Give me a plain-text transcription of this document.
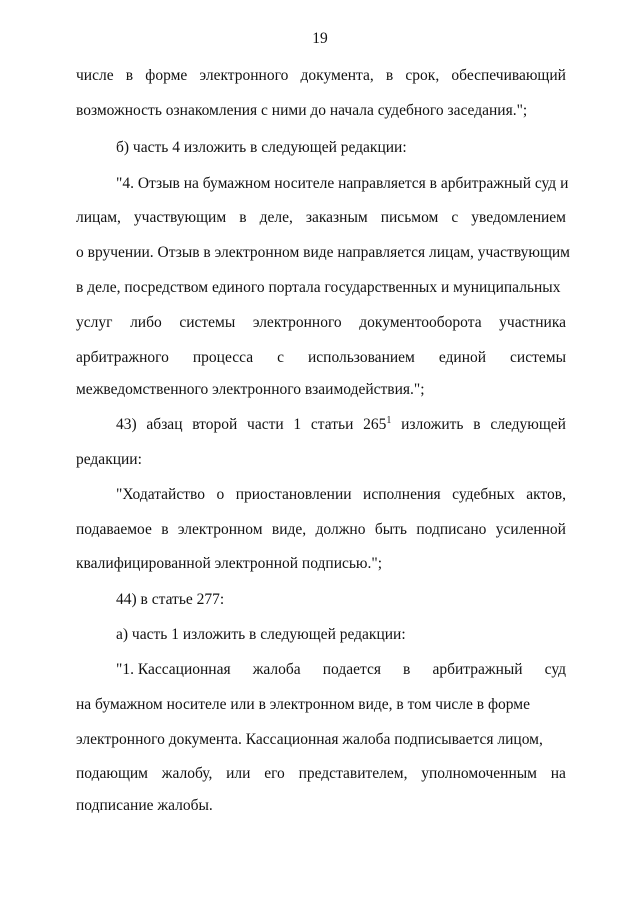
19
числе в форме электронного документа, в срок, обеспечивающий
возможность ознакомления с ними до начала судебного заседания.";
б) часть 4 изложить в следующей редакции:
"4. Отзыв на бумажном носителе направляется в арбитражный суд и
лицам, участвующим в деле, заказным письмом с уведомлением
о вручении. Отзыв в электронном виде направляется лицам, участвующим
в деле, посредством единого портала государственных и муниципальных
услуг либо системы электронного документооборота участника
арбитражного процесса с использованием единой системы
межведомственного электронного взаимодействия.";
43) абзац второй части 1 статьи 265$^1$ изложить в следующей
редакции:
"Ходатайство о приостановлении исполнения судебных актов,
подаваемое в электронном виде, должно быть подписано усиленной
квалифицированной электронной подписью.";
44) в статье 277:
а) часть 1 изложить в следующей редакции:
"1. Кассационная жалоба подается в арбитражный суд
на бумажном носителе или в электронном виде, в том числе в форме
электронного документа. Кассационная жалоба подписывается лицом,
подающим жалобу, или его представителем, уполномоченным на
подписание жалобы.
